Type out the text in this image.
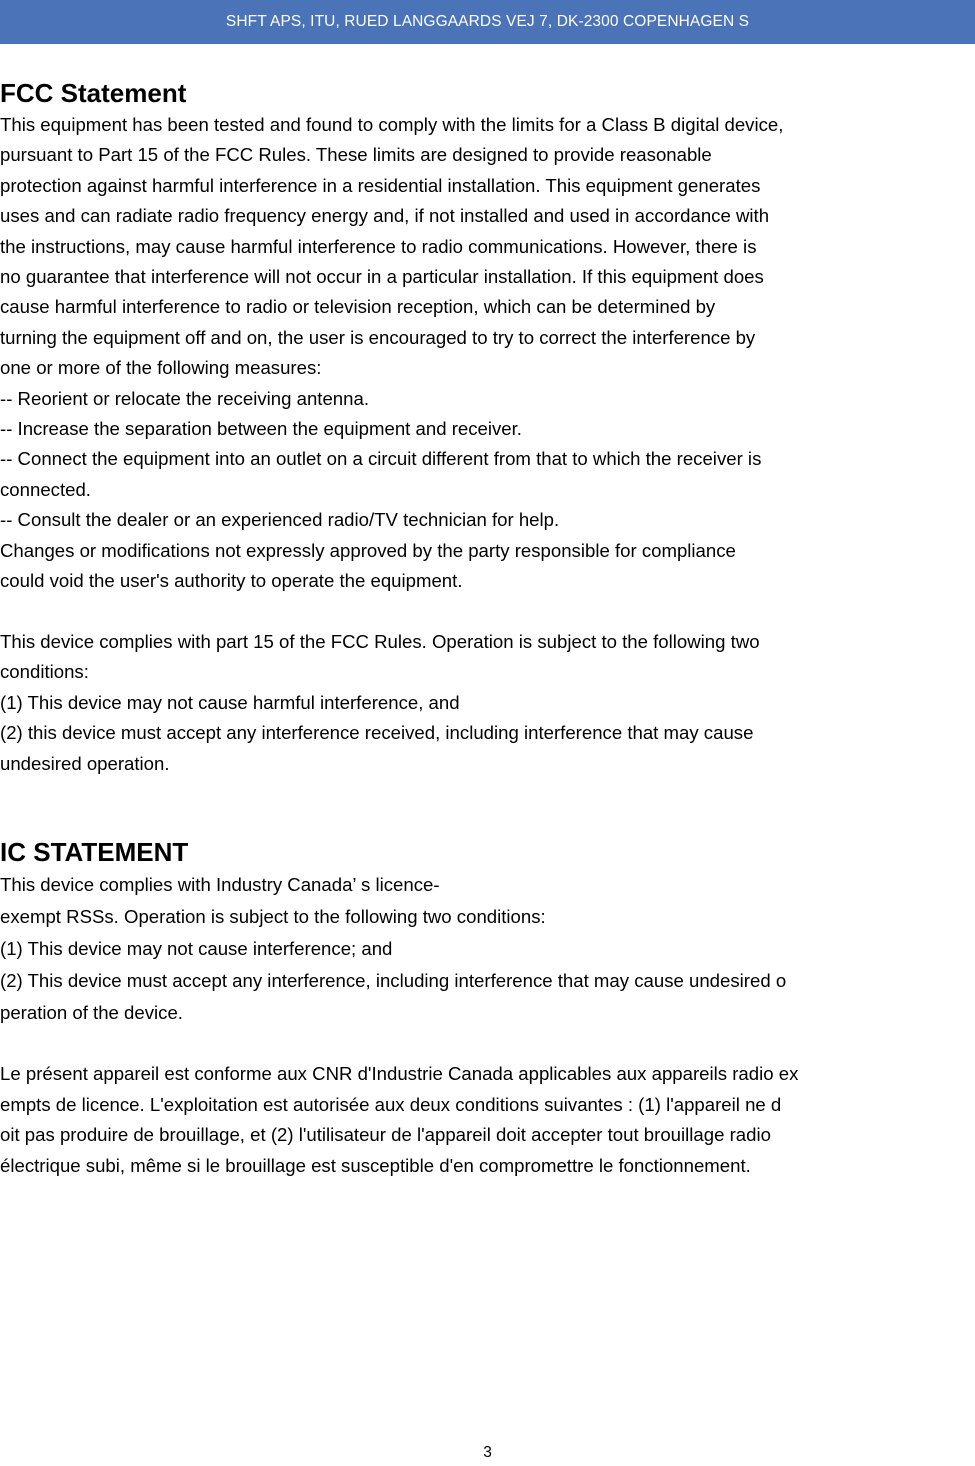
SHFT APS, ITU, RUED LANGGAARDS VEJ 7, DK-2300 COPENHAGEN S
FCC Statement
This equipment has been tested and found to comply with the limits for a Class B digital device,
pursuant to Part 15 of the FCC Rules. These limits are designed to provide reasonable
protection against harmful interference in a residential installation. This equipment generates
uses and can radiate radio frequency energy and, if not installed and used in accordance with
the instructions, may cause harmful interference to radio communications. However, there is
no guarantee that interference will not occur in a particular installation. If this equipment does
cause harmful interference to radio or television reception, which can be determined by
turning the equipment off and on, the user is encouraged to try to correct the interference by
one or more of the following measures:
-- Reorient or relocate the receiving antenna.
-- Increase the separation between the equipment and receiver.
-- Connect the equipment into an outlet on a circuit different from that to which the receiver is
connected.
-- Consult the dealer or an experienced radio/TV technician for help.
Changes or modifications not expressly approved by the party responsible for compliance
could void the user's authority to operate the equipment.
This device complies with part 15 of the FCC Rules. Operation is subject to the following two
conditions:
(1) This device may not cause harmful interference, and
(2) this device must accept any interference received, including interference that may cause
undesired operation.
IC STATEMENT
This device complies with Industry Canada’ s licence-
exempt RSSs. Operation is subject to the following two conditions:
(1) This device may not cause interference; and
(2) This device must accept any interference, including interference that may cause undesired o
peration of the device.
Le présent appareil est conforme aux CNR d'Industrie Canada applicables aux appareils radio ex
empts de licence. L'exploitation est autorisée aux deux conditions suivantes : (1) l'appareil ne d
oit pas produire de brouillage, et (2) l'utilisateur de l'appareil doit accepter tout brouillage radio
électrique subi, même si le brouillage est susceptible d'en compromettre le fonctionnement.
3
